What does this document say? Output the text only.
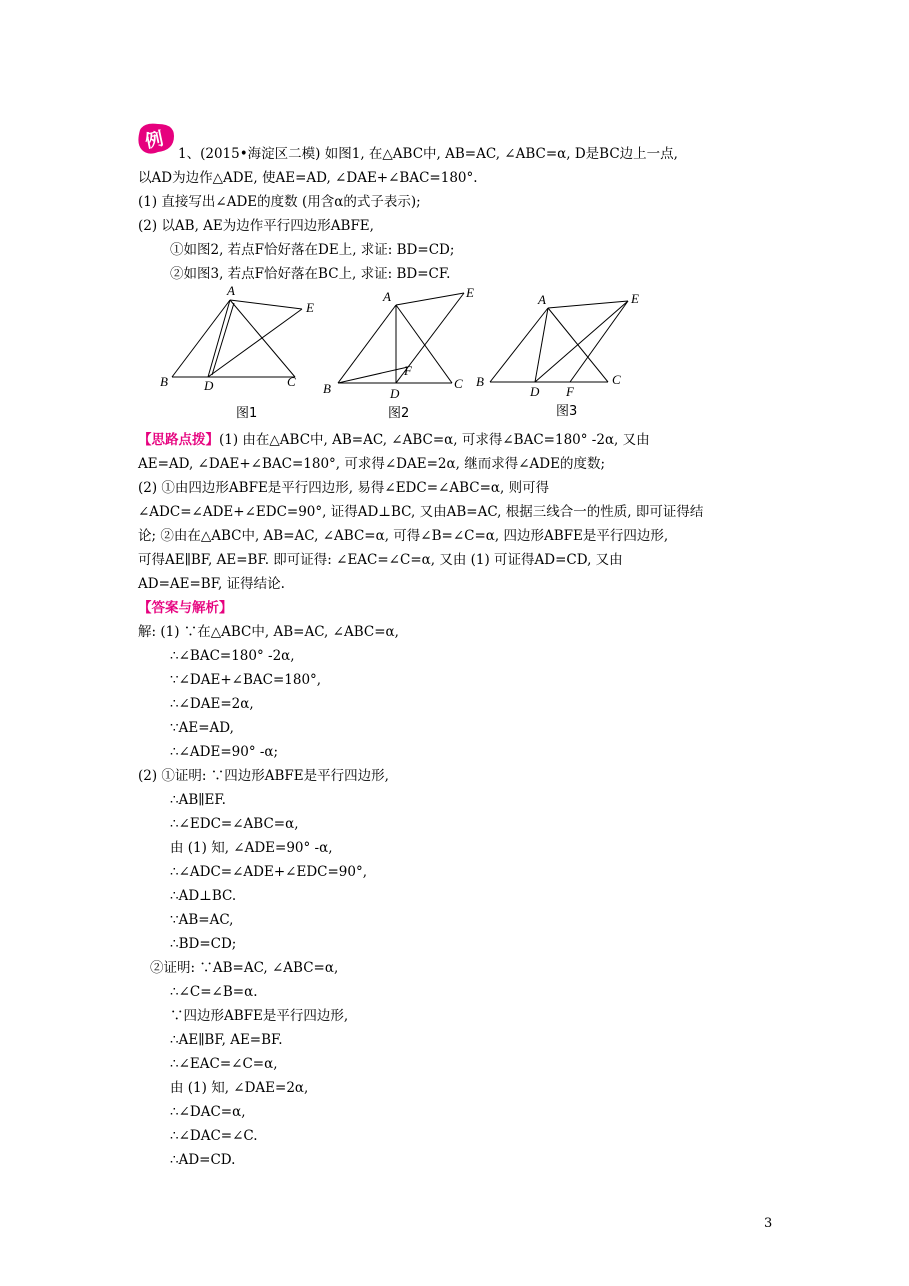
例
1、(2015•海淀区二模) 如图1, 在△ABC中, AB=AC, ∠ABC=α, D是BC边上一点,
以AD为边作△ADE, 使AE=AD, ∠DAE+∠BAC=180°.
(1) 直接写出∠ADE的度数 (用含α的式子表示);
(2) 以AB, AE为边作平行四边形ABFE,
①如图2, 若点F恰好落在DE上, 求证: BD=CD;
②如图3, 若点F恰好落在BC上, 求证: BD=CF.
A
E
B	D	C
A	E
F
B	D
C
A	E
B
D F
C
图1	图2	图3
【思路点拨】(1) 由在△ABC中, AB=AC, ∠ABC=α, 可求得∠BAC=180° -2α, 又由
AE=AD, ∠DAE+∠BAC=180°, 可求得∠DAE=2α, 继而求得∠ADE的度数;
(2) ①由四边形ABFE是平行四边形, 易得∠EDC=∠ABC=α, 则可得
∠ADC=∠ADE+∠EDC=90°, 证得AD⊥BC, 又由AB=AC, 根据三线合一的性质, 即可证得结
论; ②由在△ABC中, AB=AC, ∠ABC=α, 可得∠B=∠C=α, 四边形ABFE是平行四边形,
可得AE∥BF, AE=BF. 即可证得: ∠EAC=∠C=α, 又由 (1) 可证得AD=CD, 又由
AD=AE=BF, 证得结论.
【答案与解析】
解: (1) ∵在△ABC中, AB=AC, ∠ABC=α,
∴∠BAC=180° -2α,
∵∠DAE+∠BAC=180°,
∴∠DAE=2α,
∵AE=AD,
∴∠ADE=90° -α;
(2) ①证明: ∵四边形ABFE是平行四边形,
∴AB∥EF.
∴∠EDC=∠ABC=α,
由 (1) 知, ∠ADE=90° -α,
∴∠ADC=∠ADE+∠EDC=90°,
∴AD⊥BC.
∵AB=AC,
∴BD=CD;
②证明: ∵AB=AC, ∠ABC=α,
∴∠C=∠B=α.
∵四边形ABFE是平行四边形,
∴AE∥BF, AE=BF.
∴∠EAC=∠C=α,
由 (1) 知, ∠DAE=2α,
∴∠DAC=α,
∴∠DAC=∠C.
∴AD=CD.
3
